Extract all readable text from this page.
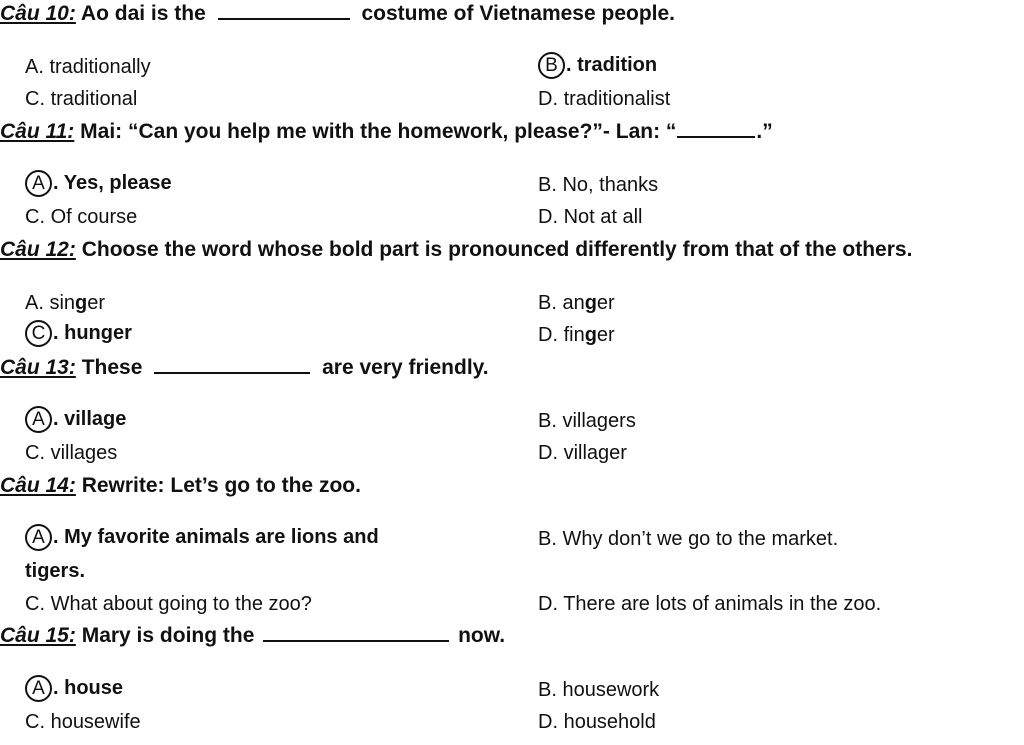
Câu 10: Ao dai is the	costume of Vietnamese people.
A. traditionally	B . tradition
C. traditional	D. traditionalist
Câu 11: Mai: “Can you help me with the homework, please?”- Lan: “	.”
A . Yes, please	B. No, thanks
C. Of course	D. Not at all
Câu 12: Choose the word whose bold part is pronounced differently from that of the others.
A. singer	B. anger
C . hunger	D. finger
Câu 13: These	are very friendly.
A . village	B. villagers
C. villages	D. villager
Câu 14: Rewrite: Let’s go to the zoo.
A . My favorite animals are lions and
tigers.
B. Why don’t we go to the market.
C. What about going to the zoo?	D. There are lots of animals in the zoo.
Câu 15: Mary is doing the	now.
A . house	B. housework
C. housewife	D. household
